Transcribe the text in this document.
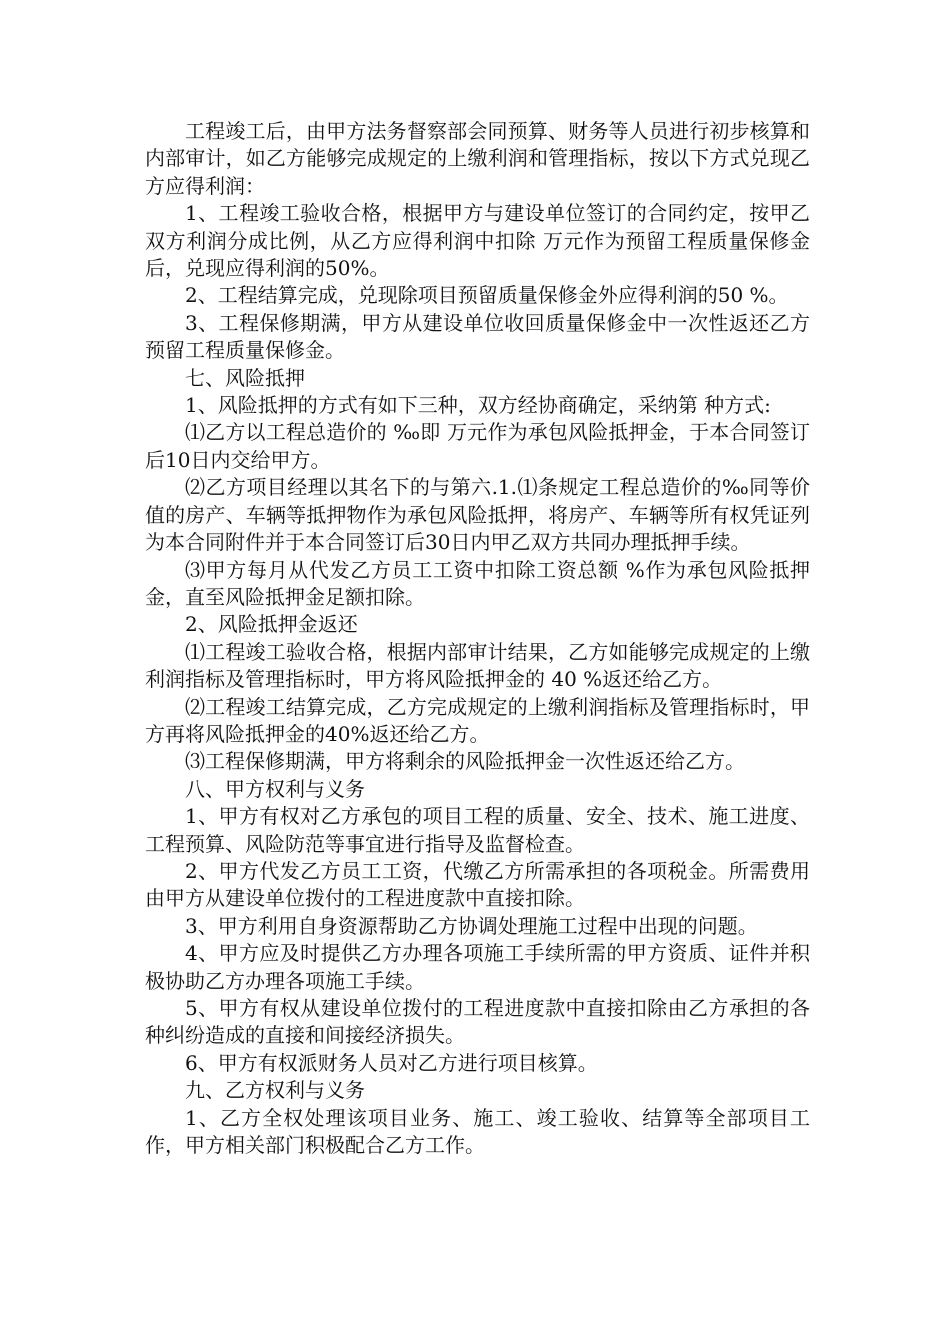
工程竣工后，由甲方法务督察部会同预算、财务等人员进行初步核算和内部审计，如乙方能够完成规定的上缴利润和管理指标，按以下方式兑现乙方应得利润：

1、工程竣工验收合格，根据甲方与建设单位签订的合同约定，按甲乙双方利润分成比例，从乙方应得利润中扣除 万元作为预留工程质量保修金后，兑现应得利润的50%。

2、工程结算完成，兑现除项目预留质量保修金外应得利润的50 %。

3、工程保修期满，甲方从建设单位收回质量保修金中一次性返还乙方预留工程质量保修金。

七、风险抵押

1、风险抵押的方式有如下三种，双方经协商确定，采纳第 种方式:

⑴乙方以工程总造价的 ‰即 万元作为承包风险抵押金，于本合同签订后10日内交给甲方。

⑵乙方项目经理以其名下的与第六.1.⑴条规定工程总造价的‰同等价值的房产、车辆等抵押物作为承包风险抵押，将房产、车辆等所有权凭证列为本合同附件并于本合同签订后30日内甲乙双方共同办理抵押手续。

⑶甲方每月从代发乙方员工工资中扣除工资总额 %作为承包风险抵押金，直至风险抵押金足额扣除。

2、风险抵押金返还

⑴工程竣工验收合格，根据内部审计结果，乙方如能够完成规定的上缴利润指标及管理指标时，甲方将风险抵押金的 40 %返还给乙方。

⑵工程竣工结算完成，乙方完成规定的上缴利润指标及管理指标时，甲方再将风险抵押金的40%返还给乙方。

⑶工程保修期满，甲方将剩余的风险抵押金一次性返还给乙方。

八、甲方权利与义务

1、甲方有权对乙方承包的项目工程的质量、安全、技术、施工进度、工程预算、风险防范等事宜进行指导及监督检查。

2、甲方代发乙方员工工资，代缴乙方所需承担的各项税金。所需费用由甲方从建设单位拨付的工程进度款中直接扣除。

3、甲方利用自身资源帮助乙方协调处理施工过程中出现的问题。

4、甲方应及时提供乙方办理各项施工手续所需的甲方资质、证件并积极协助乙方办理各项施工手续。

5、甲方有权从建设单位拨付的工程进度款中直接扣除由乙方承担的各种纠纷造成的直接和间接经济损失。

6、甲方有权派财务人员对乙方进行项目核算。

九、乙方权利与义务

1、乙方全权处理该项目业务、施工、竣工验收、结算等全部项目工作，甲方相关部门积极配合乙方工作。
